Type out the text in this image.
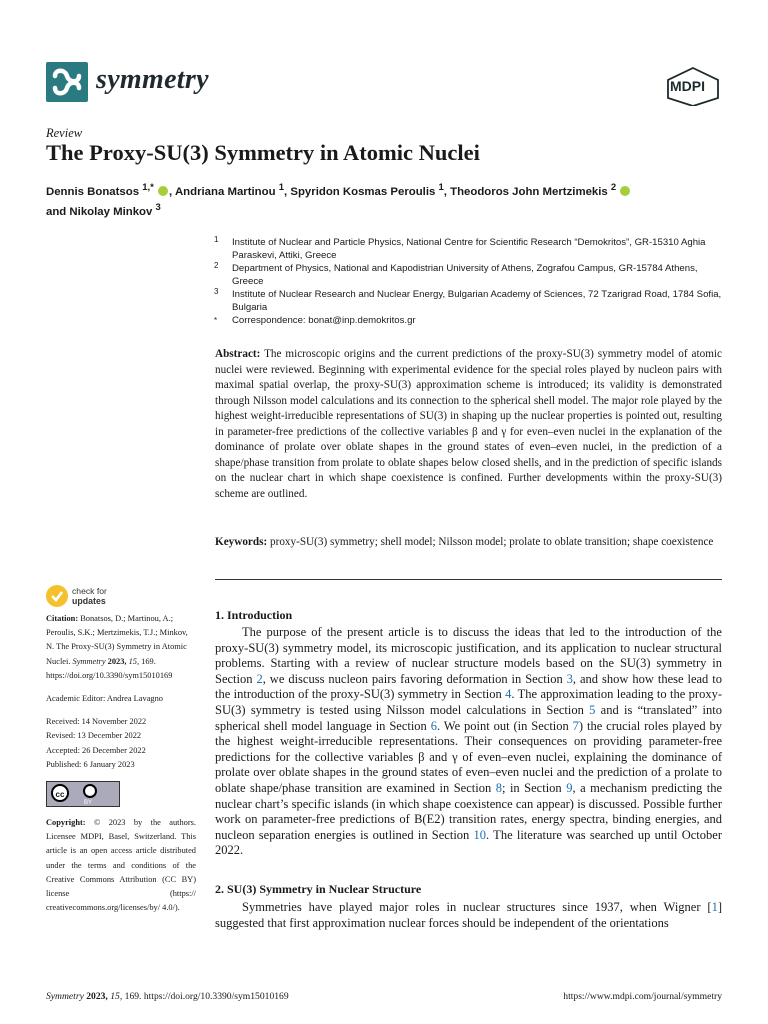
symmetry	MDPI
Review
The Proxy-SU(3) Symmetry in Atomic Nuclei
Dennis Bonatsos $^{1,*}$ , Andriana Martinou $^1$, Spyridon Kosmas Peroulis $^1$, Theodoros John Mertzimekis $^2$
and Nikolay Minkov $^3$
1 Institute of Nuclear and Particle Physics, National Centre for Scientific Research “Demokritos”, GR-15310 Aghia Paraskevi, Attiki, Greece
2 Department of Physics, National and Kapodistrian University of Athens, Zografou Campus, GR-15784 Athens, Greece
3 Institute of Nuclear Research and Nuclear Energy, Bulgarian Academy of Sciences, 72 Tzarigrad Road, 1784 Sofia, Bulgaria
* Correspondence: bonat@inp.demokritos.gr
Abstract: The microscopic origins and the current predictions of the proxy-SU(3) symmetry model of atomic nuclei were reviewed. Beginning with experimental evidence for the special roles played by nucleon pairs with maximal spatial overlap, the proxy-SU(3) approximation scheme is introduced; its validity is demonstrated through Nilsson model calculations and its connection to the spherical shell model. The major role played by the highest weight-irreducible representations of SU(3) in shaping up the nuclear properties is pointed out, resulting in parameter-free predictions of the collective variables β and γ for even–even nuclei in the explanation of the dominance of prolate over oblate shapes in the ground states of even–even nuclei, in the prediction of a shape/phase transition from prolate to oblate shapes below closed shells, and in the prediction of specific islands on the nuclear chart in which shape coexistence is confined. Further developments within the proxy-SU(3) scheme are outlined.
Keywords: proxy-SU(3) symmetry; shell model; Nilsson model; prolate to oblate transition; shape coexistence
check for
updates

Citation: Bonatsos, D.; Martinou, A.; Peroulis, S.K.; Mertzimekis, T.J.; Minkov, N. The Proxy-SU(3) Symmetry in Atomic Nuclei. Symmetry 2023, 15, 169. https://doi.org/10.3390/sym15010169

Academic Editor: Andrea Lavagno

Received: 14 November 2022

Revised: 13 December 2022

Accepted: 26 December 2022

Published: 6 January 2023

cc
BY

Copyright: © 2023 by the authors. Licensee MDPI, Basel, Switzerland. This article is an open access article distributed under the terms and conditions of the Creative Commons Attribution (CC BY) license (https:// creativecommons.org/licenses/by/ 4.0/).

1. Introduction

The purpose of the present article is to discuss the ideas that led to the introduction of the proxy-SU(3) symmetry model, its microscopic justification, and its application to nuclear structural problems. Starting with a review of nuclear structure models based on the SU(3) symmetry in Section 2, we discuss nucleon pairs favoring deformation in Section 3, and show how these lead to the introduction of the proxy-SU(3) symmetry in Section 4. The approximation leading to the proxy-SU(3) symmetry is tested using Nilsson model calculations in Section 5 and is “translated” into spherical shell model language in Section 6. We point out (in Section 7) the crucial roles played by the highest weight-irreducible representations. Their consequences on providing parameter-free predictions for the collective variables β and γ of even–even nuclei, explaining the dominance of prolate over oblate shapes in the ground states of even–even nuclei and the prediction of a prolate to oblate shape/phase transition are examined in Section 8; in Section 9, a mechanism predicting the nuclear chart’s specific islands (in which shape coexistence can appear) is discussed. Possible further work on parameter-free predictions of B(E2) transition rates, energy spectra, binding energies, and nucleon separation energies is outlined in Section 10. The literature was searched up until October 2022.

2. SU(3) Symmetry in Nuclear Structure

Symmetries have played major roles in nuclear structures since 1937, when Wigner [1] suggested that first approximation nuclear forces should be independent of the orientations

Symmetry 2023, 15, 169. https://doi.org/10.3390/sym15010169	https://www.mdpi.com/journal/symmetry
